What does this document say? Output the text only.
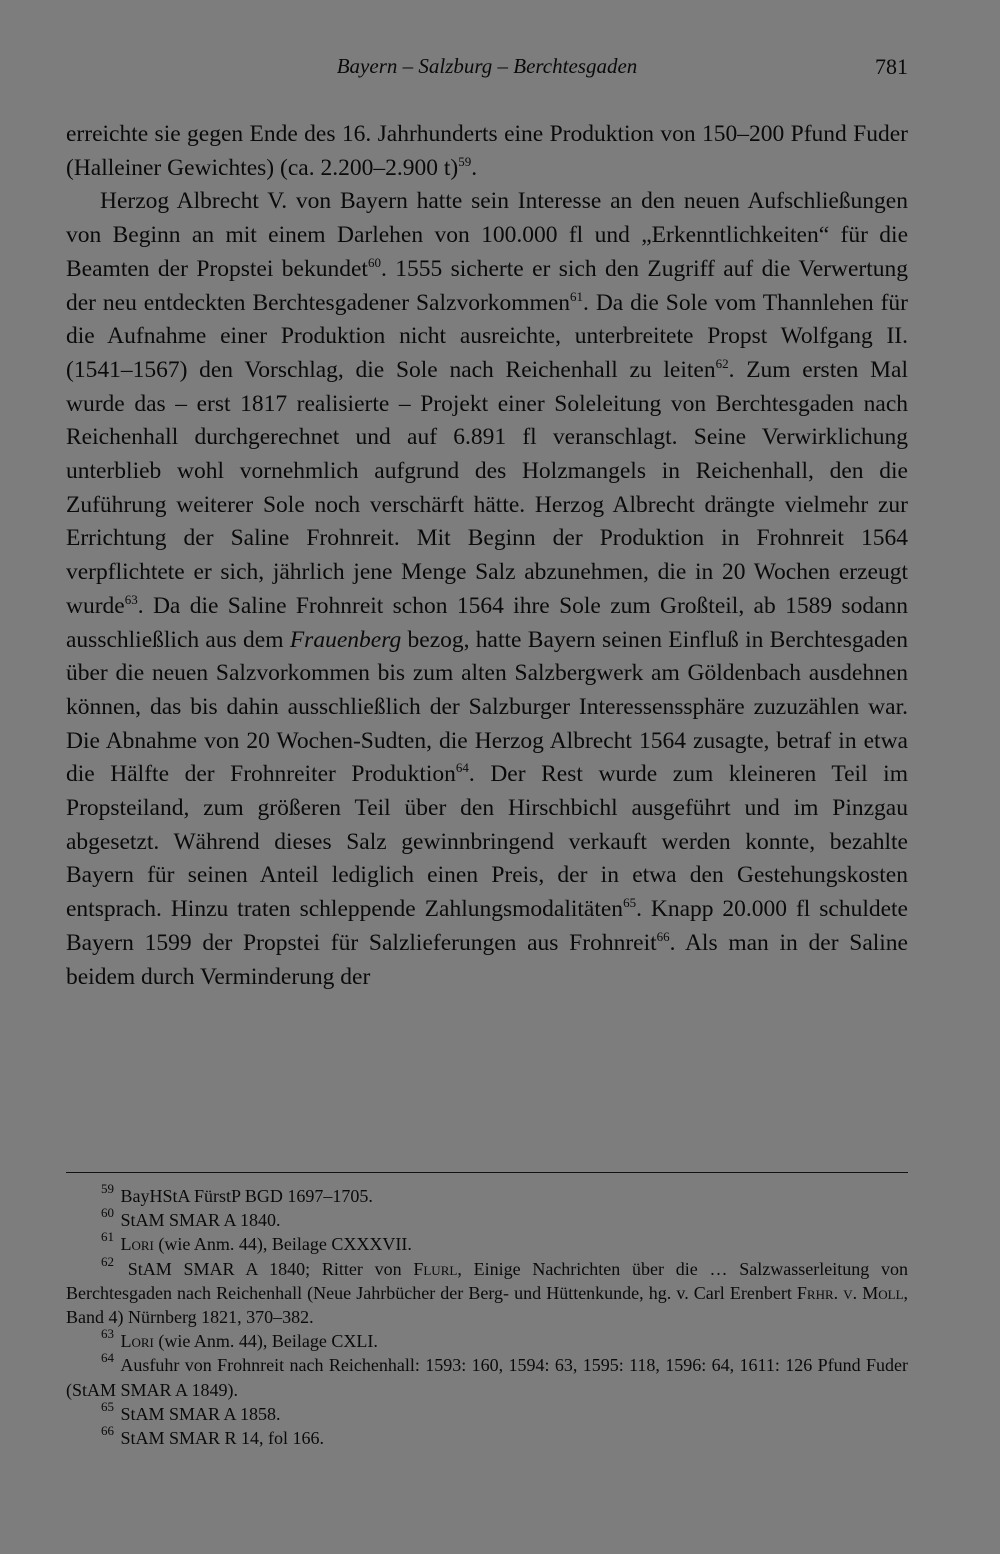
Bayern – Salzburg – Berchtesgaden	781

erreichte sie gegen Ende des 16. Jahrhunderts eine Produktion von 150–200 Pfund Fuder (Halleiner Gewichtes) (ca. 2.200–2.900 t)$^{59}$.

Herzog Albrecht V. von Bayern hatte sein Interesse an den neuen Aufschließungen von Beginn an mit einem Darlehen von 100.000 fl und „Erkenntlichkeiten“ für die Beamten der Propstei bekundet$^{60}$. 1555 sicherte er sich den Zugriff auf die Verwertung der neu entdeckten Berchtesgadener Salzvorkommen$^{61}$. Da die Sole vom Thannlehen für die Aufnahme einer Produktion nicht ausreichte, unterbreitete Propst Wolfgang II. (1541–1567) den Vorschlag, die Sole nach Reichenhall zu leiten$^{62}$. Zum ersten Mal wurde das – erst 1817 realisierte – Projekt einer Soleleitung von Berchtesgaden nach Reichenhall durchgerechnet und auf 6.891 fl veranschlagt. Seine Verwirklichung unterblieb wohl vornehmlich aufgrund des Holzmangels in Reichenhall, den die Zuführung weiterer Sole noch verschärft hätte. Herzog Albrecht drängte vielmehr zur Errichtung der Saline Frohnreit. Mit Beginn der Produktion in Frohnreit 1564 verpflichtete er sich, jährlich jene Menge Salz abzunehmen, die in 20 Wochen erzeugt wurde$^{63}$. Da die Saline Frohnreit schon 1564 ihre Sole zum Großteil, ab 1589 sodann ausschließlich aus dem Frauenberg bezog, hatte Bayern seinen Einfluß in Berchtesgaden über die neuen Salzvorkommen bis zum alten Salzbergwerk am Göldenbach ausdehnen können, das bis dahin ausschließlich der Salzburger Interessenssphäre zuzuzählen war. Die Abnahme von 20 Wochen-Sudten, die Herzog Albrecht 1564 zusagte, betraf in etwa die Hälfte der Frohnreiter Produktion$^{64}$. Der Rest wurde zum kleineren Teil im Propsteiland, zum größeren Teil über den Hirschbichl ausgeführt und im Pinzgau abgesetzt. Während dieses Salz gewinnbringend verkauft werden konnte, bezahlte Bayern für seinen Anteil lediglich einen Preis, der in etwa den Gestehungskosten entsprach. Hinzu traten schleppende Zahlungsmodalitäten$^{65}$. Knapp 20.000 fl schuldete Bayern 1599 der Propstei für Salzlieferungen aus Frohnreit$^{66}$. Als man in der Saline beidem durch Verminderung der

$^{59}$ BayHStA FürstP BGD 1697–1705.

$^{60}$ StAM SMAR A 1840.

$^{61}$ Lori (wie Anm. 44), Beilage CXXXVII.

$^{62}$ StAM SMAR A 1840; Ritter von Flurl, Einige Nachrichten über die … Salzwasserleitung von Berchtesgaden nach Reichenhall (Neue Jahrbücher der Berg- und Hüttenkunde, hg. v. Carl Erenbert Frhr. v. Moll, Band 4) Nürnberg 1821, 370–382.

$^{63}$ Lori (wie Anm. 44), Beilage CXLI.

$^{64}$ Ausfuhr von Frohnreit nach Reichenhall: 1593: 160, 1594: 63, 1595: 118, 1596: 64, 1611: 126 Pfund Fuder (StAM SMAR A 1849).

$^{65}$ StAM SMAR A 1858.

$^{66}$ StAM SMAR R 14, fol 166.
